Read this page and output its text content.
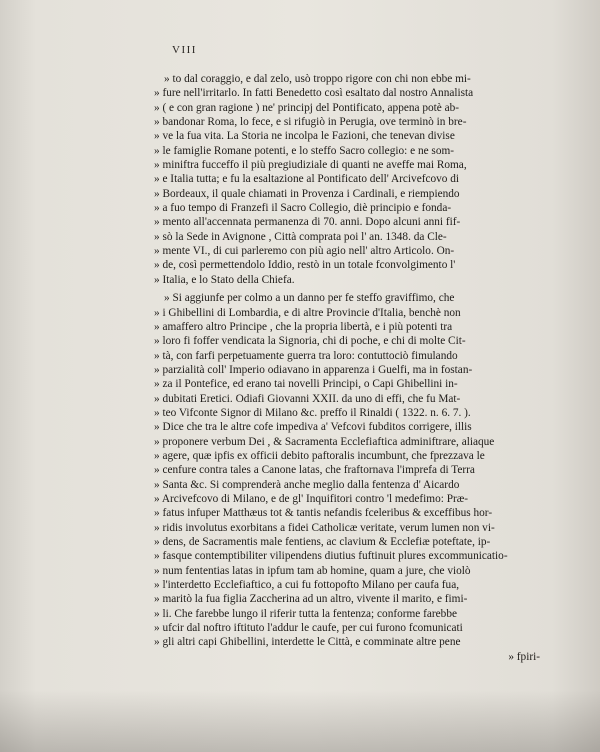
VIII
» to dal coraggio, e dal zelo, usò troppo rigore con chi non ebbe mi-
» fure nell'irritarlo. In fatti Benedetto così esaltato dal nostro Annalista
» ( e con gran ragione ) ne' principj del Pontificato, appena potè ab-
» bandonar Roma, lo fece, e si rifugiò in Perugia, ove terminò in bre-
» ve la fua vita. La Storia ne incolpa le Fazioni, che tenevan divise
» le famiglie Romane potenti, e lo steffo Sacro collegio: e ne som-
» miniftra fucceffo il più pregiudiziale di quanti ne aveffe mai Roma,
» e Italia tutta; e fu la esaltazione al Pontificato dell' Arcivefcovo di
» Bordeaux, il quale chiamati in Provenza i Cardinali, e riempiendo
» a fuo tempo di Franzefi il Sacro Collegio, diè principio e fonda-
» mento all'accennata permanenza di 70. anni. Dopo alcuni anni fif-
» sò la Sede in Avignone , Città comprata poi l' an. 1348. da Cle-
» mente VI., di cui parleremo con più agio nell' altro Articolo. On-
» de, così permettendolo Iddio, restò in un totale fconvolgimento l'
» Italia, e lo Stato della Chiefa.
» Si aggiunfe per colmo a un danno per fe steffo graviffimo, che
» i Ghibellini di Lombardia, e di altre Provincie d'Italia, benchè non
» amaffero altro Principe , che la propria libertà, e i più potenti tra
» loro fi foffer vendicata la Signoria, chi di poche, e chi di molte Cit-
» tà, con farfi perpetuamente guerra tra loro: contuttociò fimulando
» parzialità coll' Imperio odiavano in apparenza i Guelfi, ma in fostan-
» za il Pontefice, ed erano tai novelli Principi, o Capi Ghibellini in-
» dubitati Eretici. Odiafi Giovanni XXII. da uno di effi, che fu Mat-
» teo Vifconte Signor di Milano &c. preffo il Rinaldi ( 1322. n. 6. 7. ).
» Dice che tra le altre cofe impediva a' Vefcovi fubditos corrigere, illis
» proponere verbum Dei , & Sacramenta Ecclefiaftica adminiftrare, aliaque
» agere, quæ ipfis ex officii debito paftoralis incumbunt, che fprezzava le
» cenfure contra tales a Canone latas, che fraftornava l'imprefa di Terra
» Santa &c. Si comprenderà anche meglio dalla fentenza d' Aicardo
» Arcivefcovo di Milano, e de gl' Inquifitori contro 'l medefimo: Præ-
» fatus infuper Matthæus tot & tantis nefandis fceleribus & exceffibus hor-
» ridis involutus exorbitans a fidei Catholicæ veritate, verum lumen non vi-
» dens, de Sacramentis male fentiens, ac clavium & Ecclefiæ poteftate, ip-
» fasque contemptibiliter vilipendens diutius fuftinuit plures excommunicatio-
» num fententias latas in ipfum tam ab homine, quam a jure, che violò
» l'interdetto Ecclefiaftico, a cui fu fottopofto Milano per caufa fua,
» maritò la fua figlia Zaccherina ad un altro, vivente il marito, e fimi-
» li. Che farebbe lungo il riferir tutta la fentenza; conforme farebbe
» ufcir dal noftro iftituto l'addur le caufe, per cui furono fcomunicati
» gli altri capi Ghibellini, interdette le Città, e comminate altre pene
» fpiri-
